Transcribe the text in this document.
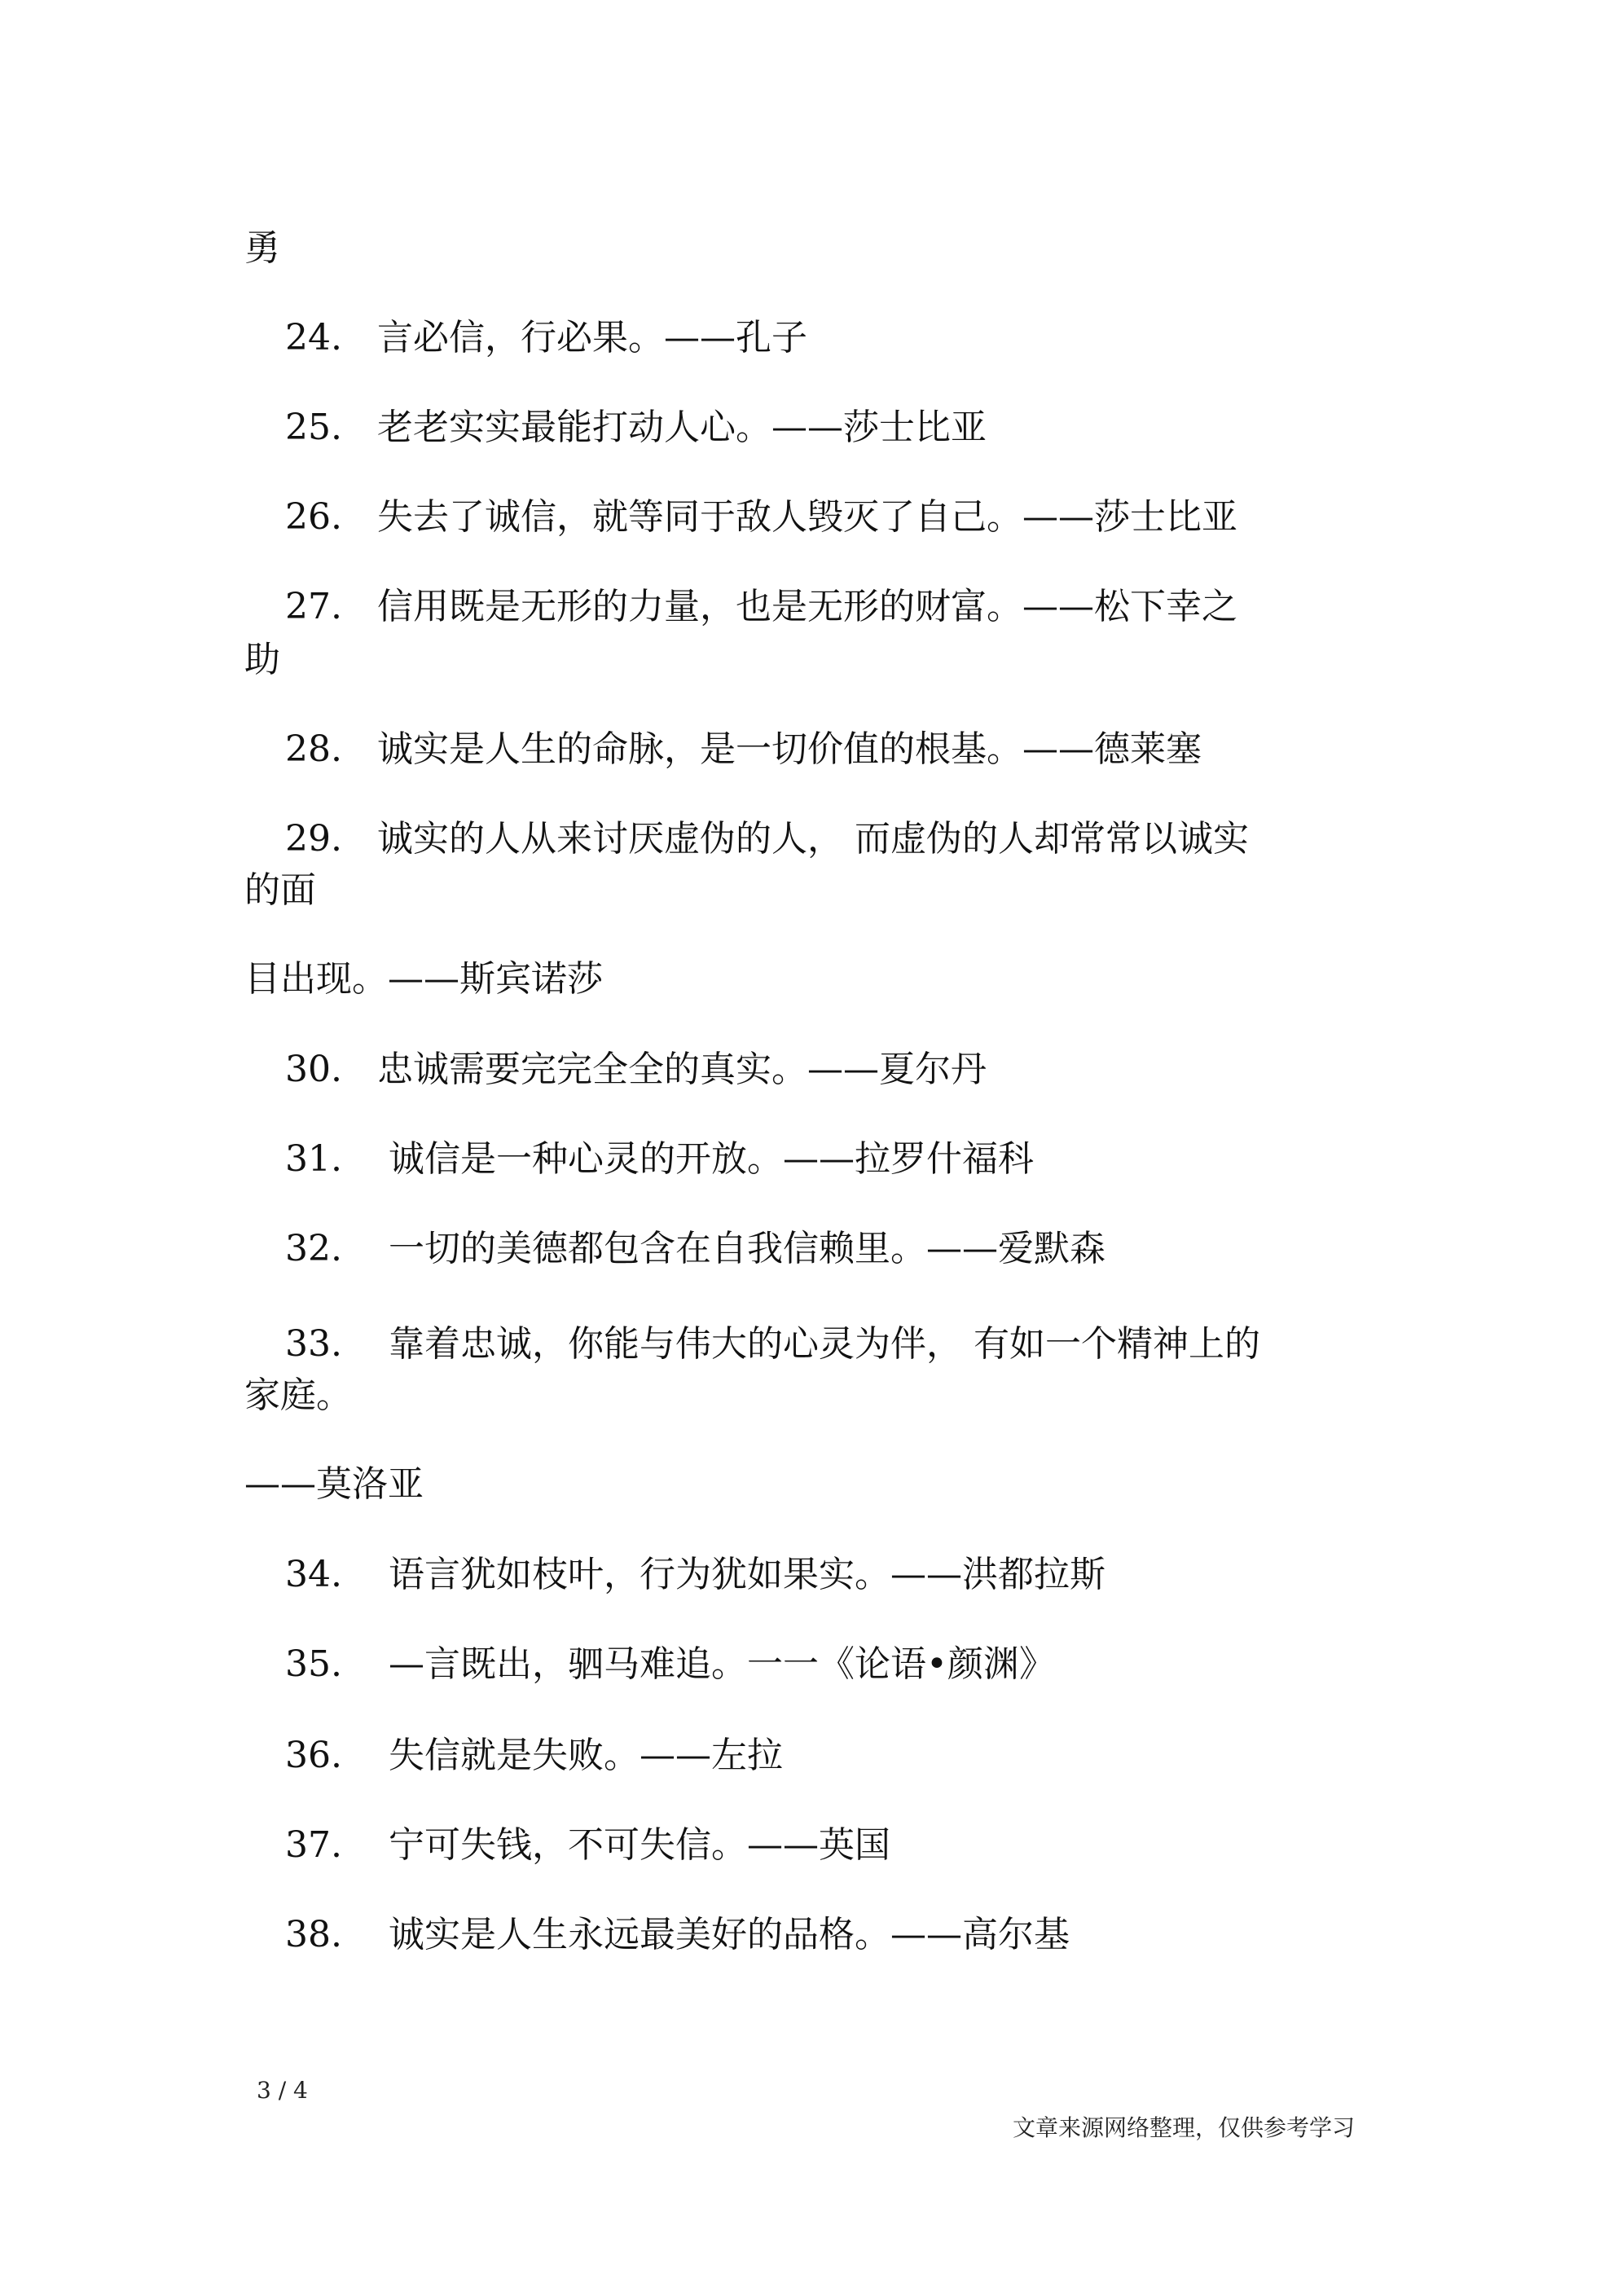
勇
24. 言必信，行必果。——孔子
25. 老老实实最能打动人心。——莎士比亚
26. 失去了诚信，就等同于敌人毁灭了自己。——莎士比亚
27. 信用既是无形的力量，也是无形的财富。——松下幸之
助
28. 诚实是人生的命脉，是一切价值的根基。——德莱塞
29. 诚实的人从来讨厌虚伪的人， 而虚伪的人却常常以诚实
的面
目出现。——斯宾诺莎
30. 忠诚需要完完全全的真实。——夏尔丹
31. 诚信是一种心灵的开放。——拉罗什福科
32. 一切的美德都包含在自我信赖里。——爱默森
33. 靠着忠诚，你能与伟大的心灵为伴， 有如一个精神上的
家庭。
——莫洛亚
34. 语言犹如枝叶，行为犹如果实。——洪都拉斯
35. —言既出，驷马难追。一一《论语•颜渊》
36. 失信就是失败。——左拉
37. 宁可失钱，不可失信。——英国
38. 诚实是人生永远最美好的品格。——高尔基
3 / 4
文章来源网络整理，仅供参考学习
